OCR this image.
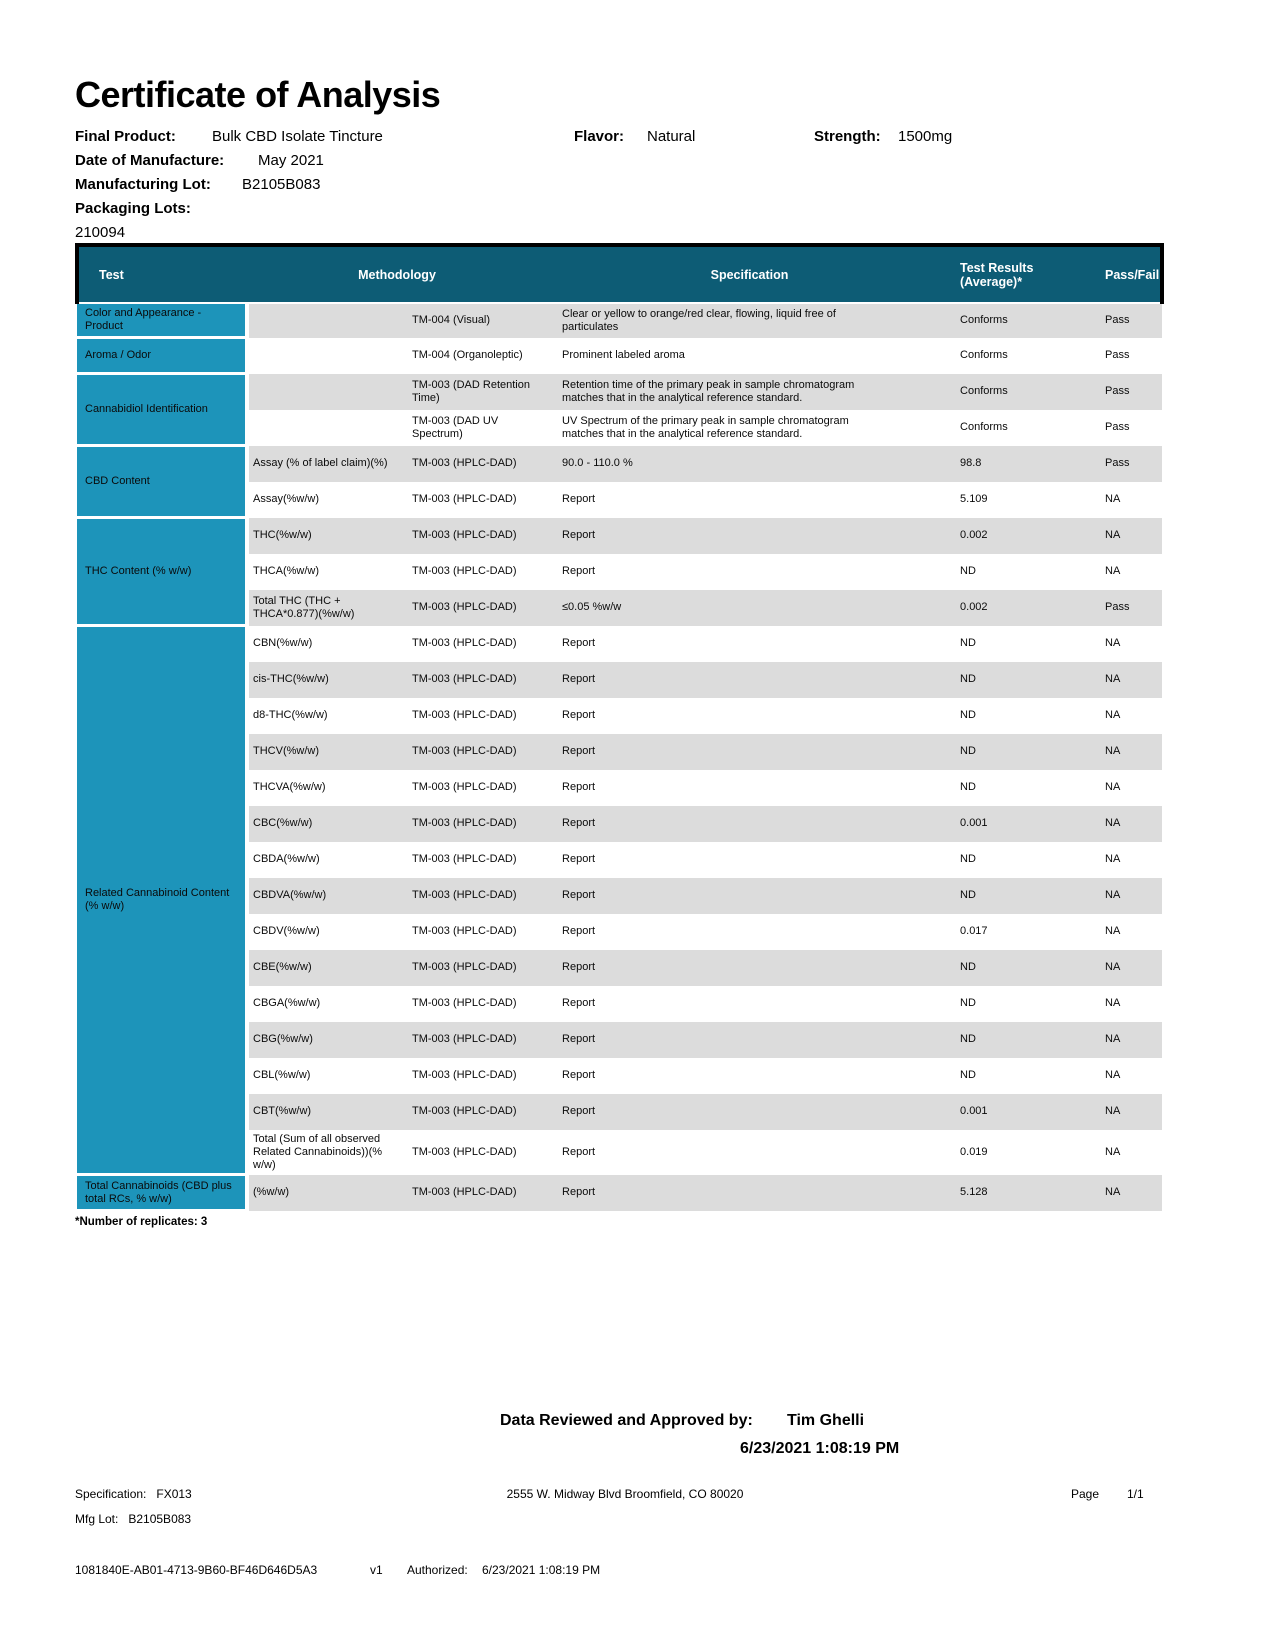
Certificate of Analysis
Final Product: Bulk CBD Isolate Tincture	Flavor: Natural	Strength: 1500mg
Date of Manufacture: May 2021
Manufacturing Lot: B2105B083
Packaging Lots:
210094
Test	Methodology		Specification	Test Results (Average)*	Pass/Fail
Color and Appearance - Product		TM-004 (Visual)	Clear or yellow to orange/red clear, flowing, liquid free of particulates	Conforms	Pass
Aroma / Odor		TM-004 (Organoleptic)	Prominent labeled aroma	Conforms	Pass
Cannabidiol Identification		TM-003 (DAD Retention Time)	Retention time of the primary peak in sample chromatogram matches that in the analytical reference standard.	Conforms	Pass
		TM-003 (DAD UV Spectrum)	UV Spectrum of the primary peak in sample chromatogram matches that in the analytical reference standard.	Conforms	Pass
CBD Content	Assay (% of label claim)(%)	TM-003 (HPLC-DAD)	90.0 - 110.0 %	98.8	Pass
	Assay(%w/w)	TM-003 (HPLC-DAD)	Report	5.109	NA
THC Content (% w/w)	THC(%w/w)	TM-003 (HPLC-DAD)	Report	0.002	NA
	THCA(%w/w)	TM-003 (HPLC-DAD)	Report	ND	NA
	Total THC (THC + THCA*0.877)(%w/w)	TM-003 (HPLC-DAD)	≤0.05 %w/w	0.002	Pass
Related Cannabinoid Content (% w/w)	CBN(%w/w)	TM-003 (HPLC-DAD)	Report	ND	NA
	cis-THC(%w/w)	TM-003 (HPLC-DAD)	Report	ND	NA
	d8-THC(%w/w)	TM-003 (HPLC-DAD)	Report	ND	NA
	THCV(%w/w)	TM-003 (HPLC-DAD)	Report	ND	NA
	THCVA(%w/w)	TM-003 (HPLC-DAD)	Report	ND	NA
	CBC(%w/w)	TM-003 (HPLC-DAD)	Report	0.001	NA
	CBDA(%w/w)	TM-003 (HPLC-DAD)	Report	ND	NA
	CBDVA(%w/w)	TM-003 (HPLC-DAD)	Report	ND	NA
	CBDV(%w/w)	TM-003 (HPLC-DAD)	Report	0.017	NA
	CBE(%w/w)	TM-003 (HPLC-DAD)	Report	ND	NA
	CBGA(%w/w)	TM-003 (HPLC-DAD)	Report	ND	NA
	CBG(%w/w)	TM-003 (HPLC-DAD)	Report	ND	NA
	CBL(%w/w)	TM-003 (HPLC-DAD)	Report	ND	NA
	CBT(%w/w)	TM-003 (HPLC-DAD)	Report	0.001	NA
	Total (Sum of all observed Related Cannabinoids))(% w/w)	TM-003 (HPLC-DAD)	Report	0.019	NA
Total Cannabinoids (CBD plus total RCs, % w/w)	(%w/w)	TM-003 (HPLC-DAD)	Report	5.128	NA
*Number of replicates: 3
Data Reviewed and Approved by: Tim Ghelli
6/23/2021 1:08:19 PM
Specification: FX013	2555 W. Midway Blvd Broomfield, CO 80020	Page 1/1
Mfg Lot: B2105B083
1081840E-AB01-4713-9B60-BF46D646D5A3	v1 Authorized: 6/23/2021 1:08:19 PM
